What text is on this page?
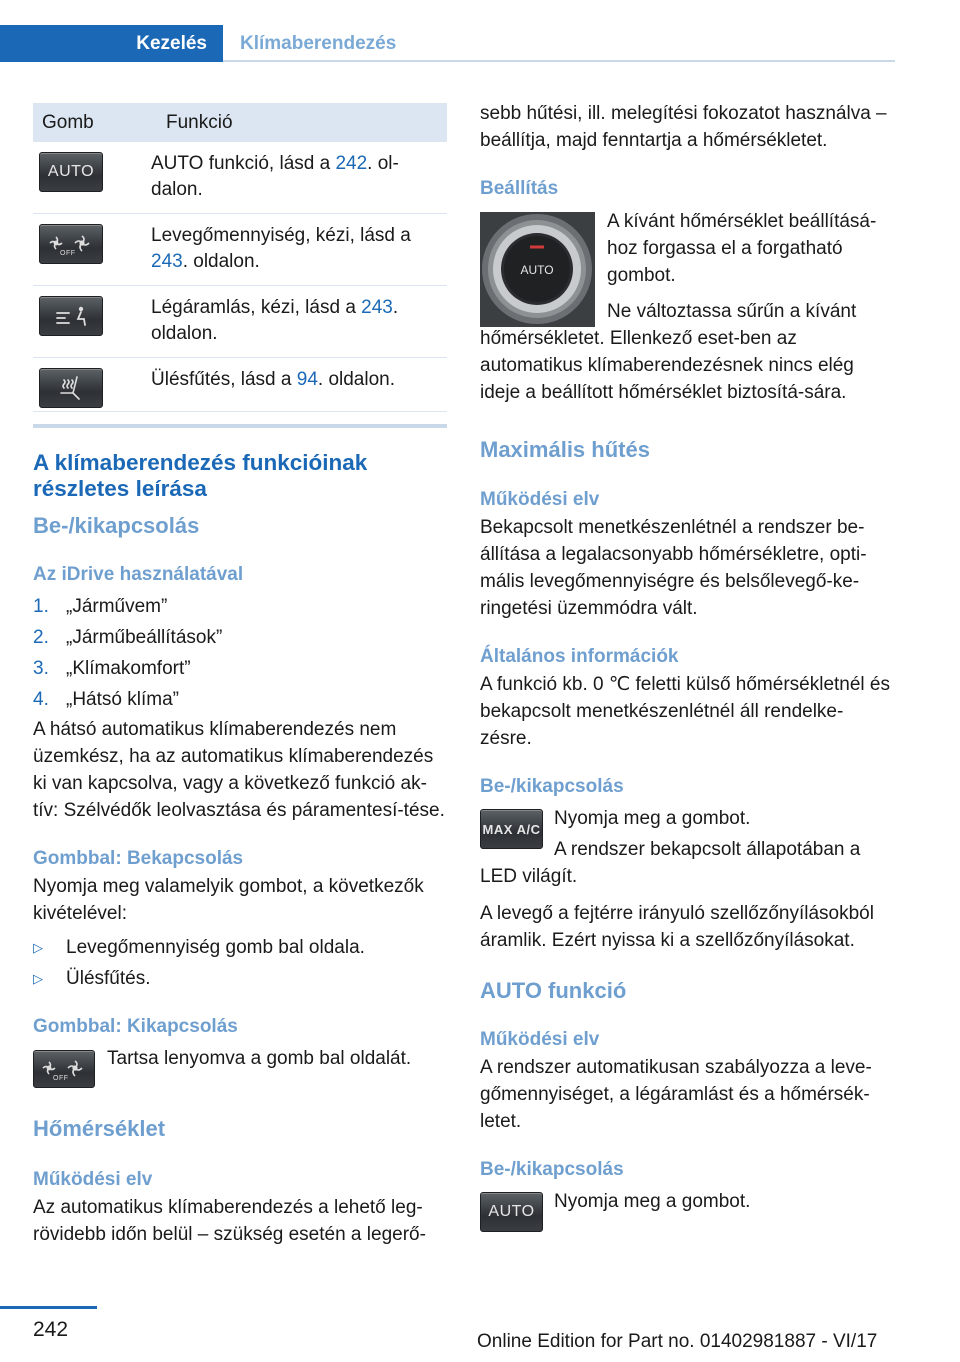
Kezelés	Klímaberendezés
Gomb	Funkció

AUTO	AUTO funkció, lásd a 242. ol-dalon.

OFF	Levegőmennyiség, kézi, lásd a 243. oldalon.

	Légáramlás, kézi, lásd a 243. oldalon.

	Ülésfűtés, lásd a 94. oldalon.
A klímaberendezés funkcióinak részletes leírása
Be-/kikapcsolás
Az iDrive használatával
1. „Járművem”
2. „Járműbeállítások”
3. „Klímakomfort”
4. „Hátsó klíma”

A hátsó automatikus klímaberendezés nem üzemkész, ha az automatikus klímaberendezés ki van kapcsolva, vagy a következő funkció ak-tív: Szélvédők leolvasztása és páramentesí-tése.

Gombbal: Bekapcsolás

Nyomja meg valamelyik gombot, a következők kivételével:

▷ Levegőmennyiség gomb bal oldala.
▷ Ülésfűtés.
Gombbal: Kikapcsolás
OFF

Tartsa lenyomva a gomb bal oldalát.

Hőmérséklet
Működési elv

Az automatikus klímaberendezés a lehető leg-rövidebb időn belül – szükség esetén a legerő-

sebb hűtési, ill. melegítési fokozatot használva – beállítja, majd fenntartja a hőmérsékletet.

Beállítás
AUTO

A kívánt hőmérséklet beállításá-hoz forgassa el a forgatható gombot.

Ne változtassa sűrűn a kívánt hőmérsékletet. Ellenkező eset-ben az automatikus klímaberendezésnek nincs elég ideje a beállított hőmérséklet biztosítá-sára.

Maximális hűtés
Működési elv

Bekapcsolt menetkészenlétnél a rendszer be-állítása a legalacsonyabb hőmérsékletre, opti-mális levegőmennyiségre és belsőlevegő-ke-ringetési üzemmódra vált.

Általános információk

A funkció kb. 0 ℃ feletti külső hőmérsékletnél és bekapcsolt menetkészenlétnél áll rendelke-zésre.

Be-/kikapcsolás
MAX A/C Nyomja meg a gombot.

A rendszer bekapcsolt állapotában a

LED világít.

A levegő a fejtérre irányuló szellőzőnyílásokból áramlik. Ezért nyissa ki a szellőzőnyílásokat.

AUTO funkció
Működési elv

A rendszer automatikusan szabályozza a leve-gőmennyiséget, a légáramlást és a hőmérsék-letet.

Be-/kikapcsolás
AUTO Nyomja meg a gombot.

242
Online Edition for Part no. 01402981887 - VI/17
